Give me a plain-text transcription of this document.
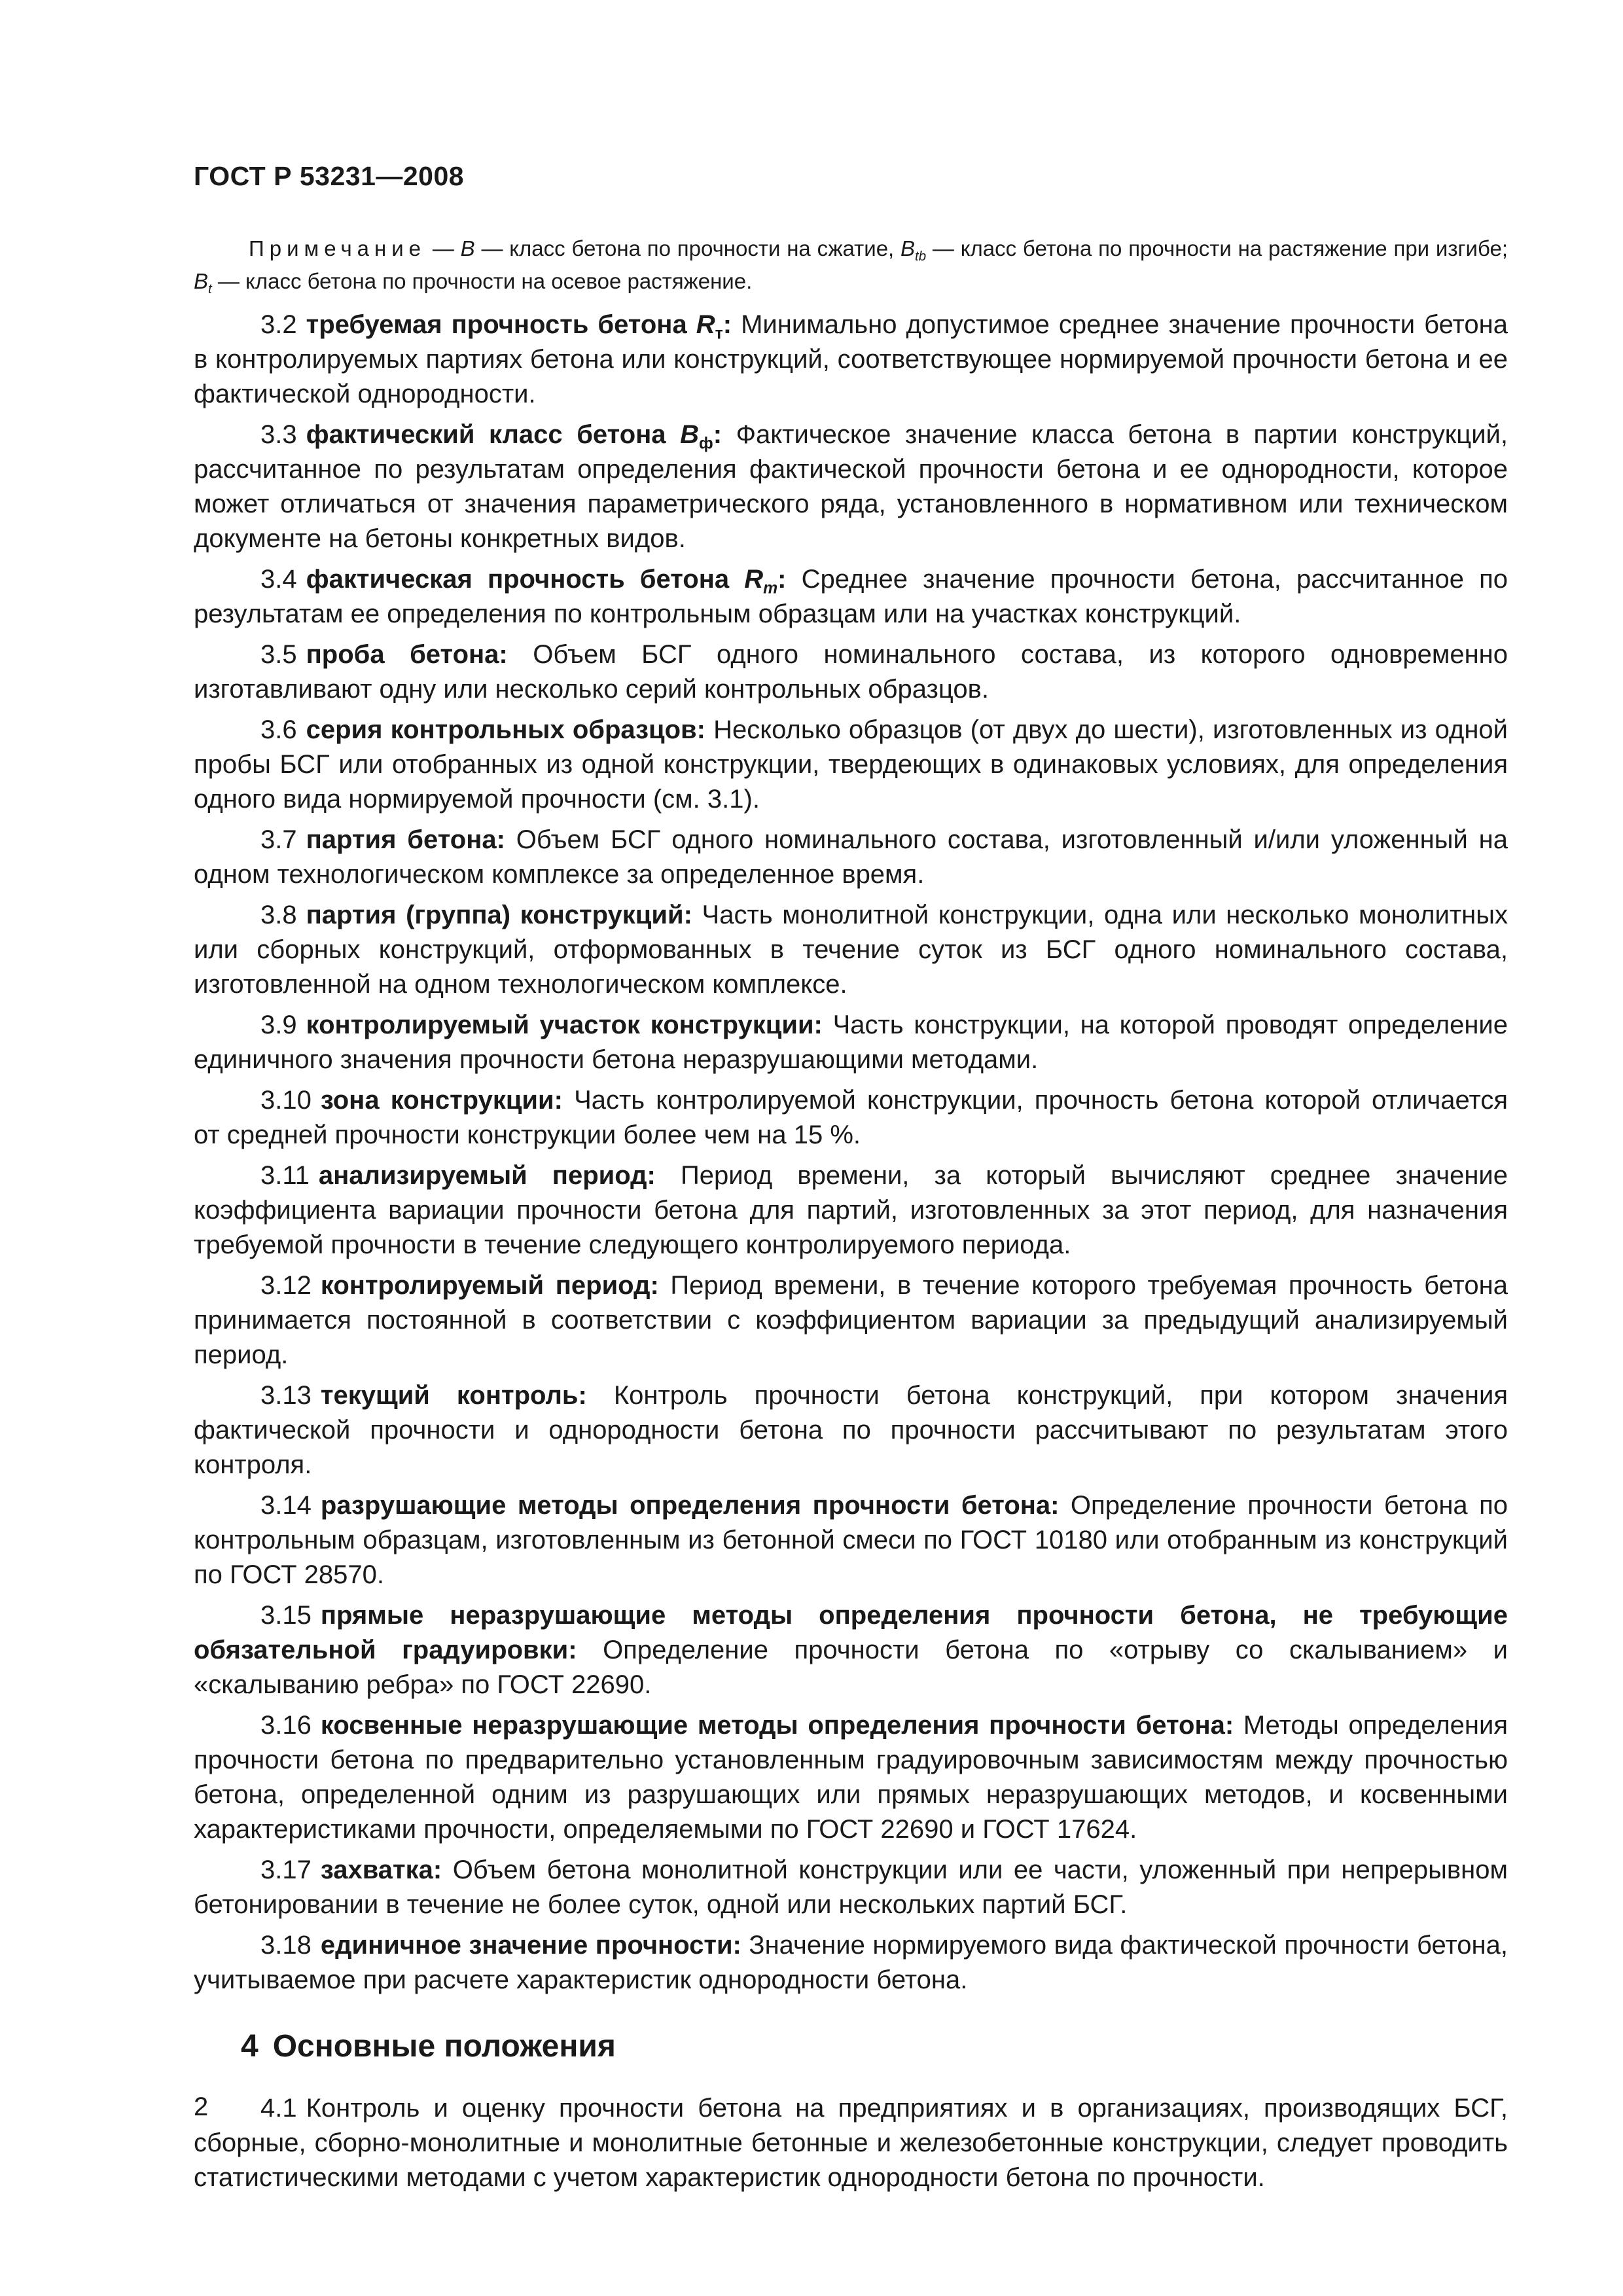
ГОСТ Р 53231—2008
Примечание — B — класс бетона по прочности на сжатие, $B_{tb}$ — класс бетона по прочности на растяжение при изгибе; $B_t$ — класс бетона по прочности на осевое растяжение.

3.2 требуемая прочность бетона $R_т$: Минимально допустимое среднее значение прочности бетона в контролируемых партиях бетона или конструкций, соответствующее нормируемой прочности бетона и ее фактической однородности.

3.3 фактический класс бетона $B_ф$: Фактическое значение класса бетона в партии конструкций, рассчитанное по результатам определения фактической прочности бетона и ее однородности, которое может отличаться от значения параметрического ряда, установленного в нормативном или техническом документе на бетоны конкретных видов.

3.4 фактическая прочность бетона $R_m$: Среднее значение прочности бетона, рассчитанное по результатам ее определения по контрольным образцам или на участках конструкций.

3.5 проба бетона: Объем БСГ одного номинального состава, из которого одновременно изготавливают одну или несколько серий контрольных образцов.

3.6 серия контрольных образцов: Несколько образцов (от двух до шести), изготовленных из одной пробы БСГ или отобранных из одной конструкции, твердеющих в одинаковых условиях, для определения одного вида нормируемой прочности (см. 3.1).

3.7 партия бетона: Объем БСГ одного номинального состава, изготовленный и/или уложенный на одном технологическом комплексе за определенное время.

3.8 партия (группа) конструкций: Часть монолитной конструкции, одна или несколько монолитных или сборных конструкций, отформованных в течение суток из БСГ одного номинального состава, изготовленной на одном технологическом комплексе.

3.9 контролируемый участок конструкции: Часть конструкции, на которой проводят определение единичного значения прочности бетона неразрушающими методами.

3.10 зона конструкции: Часть контролируемой конструкции, прочность бетона которой отличается от средней прочности конструкции более чем на 15 %.

3.11 анализируемый период: Период времени, за который вычисляют среднее значение коэффициента вариации прочности бетона для партий, изготовленных за этот период, для назначения требуемой прочности в течение следующего контролируемого периода.

3.12 контролируемый период: Период времени, в течение которого требуемая прочность бетона принимается постоянной в соответствии с коэффициентом вариации за предыдущий анализируемый период.

3.13 текущий контроль: Контроль прочности бетона конструкций, при котором значения фактической прочности и однородности бетона по прочности рассчитывают по результатам этого контроля.

3.14 разрушающие методы определения прочности бетона: Определение прочности бетона по контрольным образцам, изготовленным из бетонной смеси по ГОСТ 10180 или отобранным из конструкций по ГОСТ 28570.

3.15 прямые неразрушающие методы определения прочности бетона, не требующие обязательной градуировки: Определение прочности бетона по «отрыву со скалыванием» и «скалыванию ребра» по ГОСТ 22690.

3.16 косвенные неразрушающие методы определения прочности бетона: Методы определения прочности бетона по предварительно установленным градуировочным зависимостям между прочностью бетона, определенной одним из разрушающих или прямых неразрушающих методов, и косвенными характеристиками прочности, определяемыми по ГОСТ 22690 и ГОСТ 17624.

3.17 захватка: Объем бетона монолитной конструкции или ее части, уложенный при непрерывном бетонировании в течение не более суток, одной или нескольких партий БСГ.

3.18 единичное значение прочности: Значение нормируемого вида фактической прочности бетона, учитываемое при расчете характеристик однородности бетона.

4 Основные положения

4.1 Контроль и оценку прочности бетона на предприятиях и в организациях, производящих БСГ, сборные, сборно-монолитные и монолитные бетонные и железобетонные конструкции, следует проводить статистическими методами с учетом характеристик однородности бетона по прочности.

2
